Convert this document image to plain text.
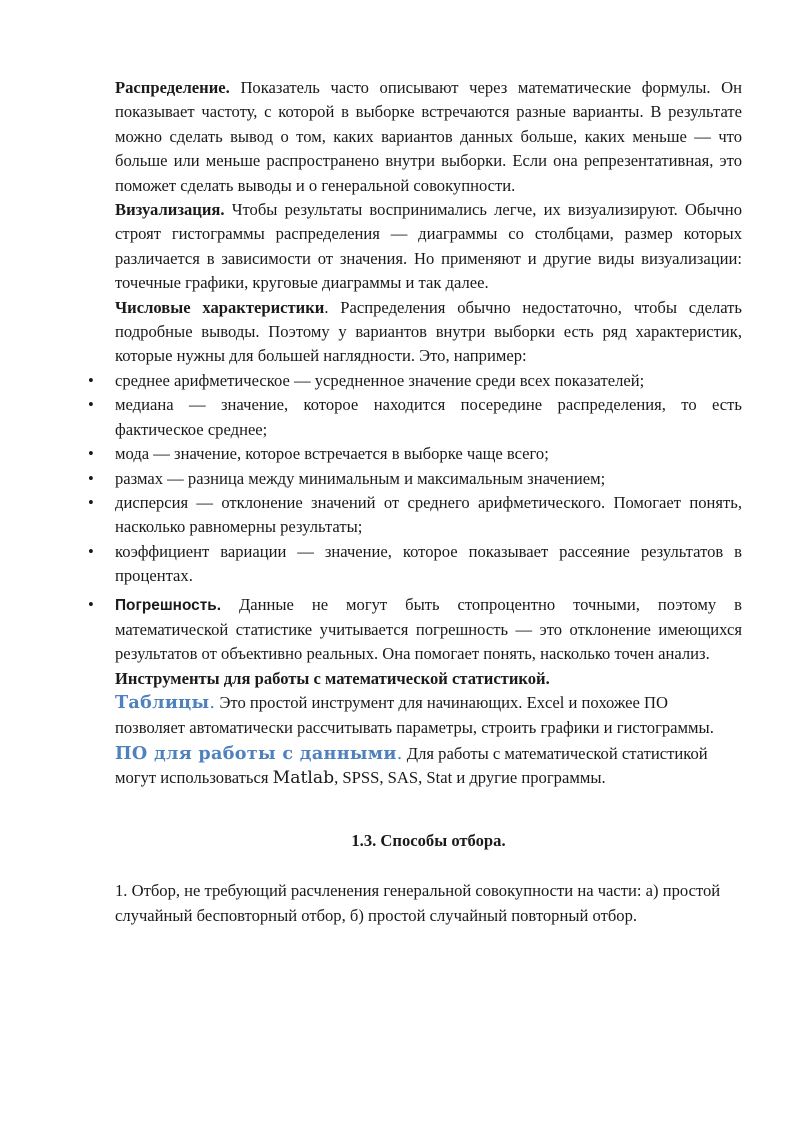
Распределение. Показатель часто описывают через математические формулы. Он показывает частоту, с которой в выборке встречаются разные варианты. В результате можно сделать вывод о том, каких вариантов данных больше, каких меньше — что больше или меньше распространено внутри выборки. Если она репрезентативная, это поможет сделать выводы и о генеральной совокупности.

Визуализация. Чтобы результаты воспринимались легче, их визуализируют. Обычно строят гистограммы распределения — диаграммы со столбцами, размер которых различается в зависимости от значения. Но применяют и другие виды визуализации: точечные графики, круговые диаграммы и так далее.

Числовые характеристики. Распределения обычно недостаточно, чтобы сделать подробные выводы. Поэтому у вариантов внутри выборки есть ряд характеристик, которые нужны для большей наглядности. Это, например:

• среднее арифметическое — усредненное значение среди всех показателей;
• медиана — значение, которое находится посередине распределения, то есть фактическое среднее;
• мода — значение, которое встречается в выборке чаще всего;
• размах — разница между минимальным и максимальным значением;
• дисперсия — отклонение значений от среднего арифметического. Помогает понять, насколько равномерны результаты;
• коэффициент вариации — значение, которое показывает рассеяние результатов в процентах.
• Погрешность. Данные не могут быть стопроцентно точными, поэтому в математической статистике учитывается погрешность — это отклонение имеющихся результатов от объективно реальных. Она помогает понять, насколько точен анализ.

Инструменты для работы с математической статистикой.

Таблицы. Это простой инструмент для начинающих. Excel и похожее ПО позволяет автоматически рассчитывать параметры, строить графики и гистограммы.

ПО для работы с данными. Для работы с математической статистикой могут использоваться Matlab, SPSS, SAS, Stat и другие программы.

1.3. Способы отбора.

1. Отбор, не требующий расчленения генеральной совокупности на части: а) простой случайный бесповторный отбор, б) простой случайный повторный отбор.
